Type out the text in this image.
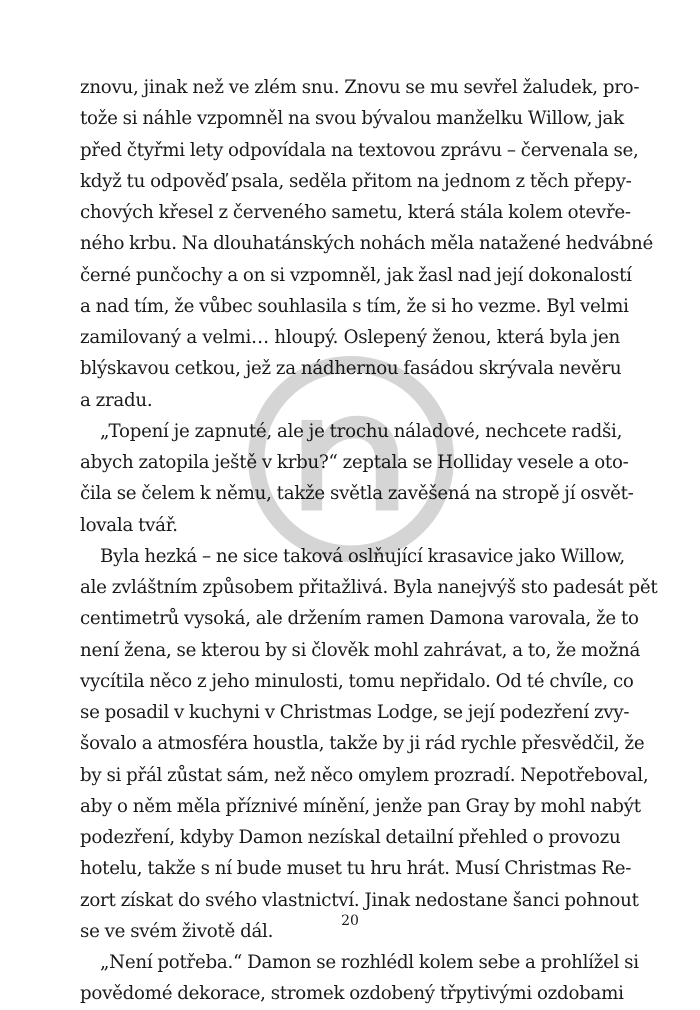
znovu, jinak než ve zlém snu. Znovu se mu sevřel žaludek, pro-
tože si náhle vzpomněl na svou bývalou manželku Willow, jak
před čtyřmi lety odpovídala na textovou zprávu – červenala se,
když tu odpověď psala, seděla přitom na jednom z těch přepy-
chových křesel z červeného sametu, která stála kolem otevře-
ného krbu. Na dlouhatánských nohách měla natažené hedvábné
černé punčochy a on si vzpomněl, jak žasl nad její dokonalostí
a nad tím, že vůbec souhlasila s tím, že si ho vezme. Byl velmi
zamilovaný a velmi… hloupý. Oslepený ženou, která byla jen
blýskavou cetkou, jež za nádhernou fasádou skrývala nevěru
a zradu.
„Topení je zapnuté, ale je trochu náladové, nechcete radši,
abych zatopila ještě v krbu?“ zeptala se Holliday vesele a oto-
čila se čelem k němu, takže světla zavěšená na stropě jí osvět-
lovala tvář.
Byla hezká – ne sice taková oslňující krasavice jako Willow,
ale zvláštním způsobem přitažlivá. Byla nanejvýš sto padesát pět
centimetrů vysoká, ale držením ramen Damona varovala, že to
není žena, se kterou by si člověk mohl zahrávat, a to, že možná
vycítila něco z jeho minulosti, tomu nepřidalo. Od té chvíle, co
se posadil v kuchyni v Christmas Lodge, se její podezření zvy-
šovalo a atmosféra houstla, takže by ji rád rychle přesvědčil, že
by si přál zůstat sám, než něco omylem prozradí. Nepotřeboval,
aby o něm měla příznivé mínění, jenže pan Gray by mohl nabýt
podezření, kdyby Damon nezískal detailní přehled o provozu
hotelu, takže s ní bude muset tu hru hrát. Musí Christmas Re-
zort získat do svého vlastnictví. Jinak nedostane šanci pohnout
se ve svém životě dál.
„Není potřeba.“ Damon se rozhlédl kolem sebe a prohlížel si
povědomé dekorace, stromek ozdobený třpytivými ozdobami
20
